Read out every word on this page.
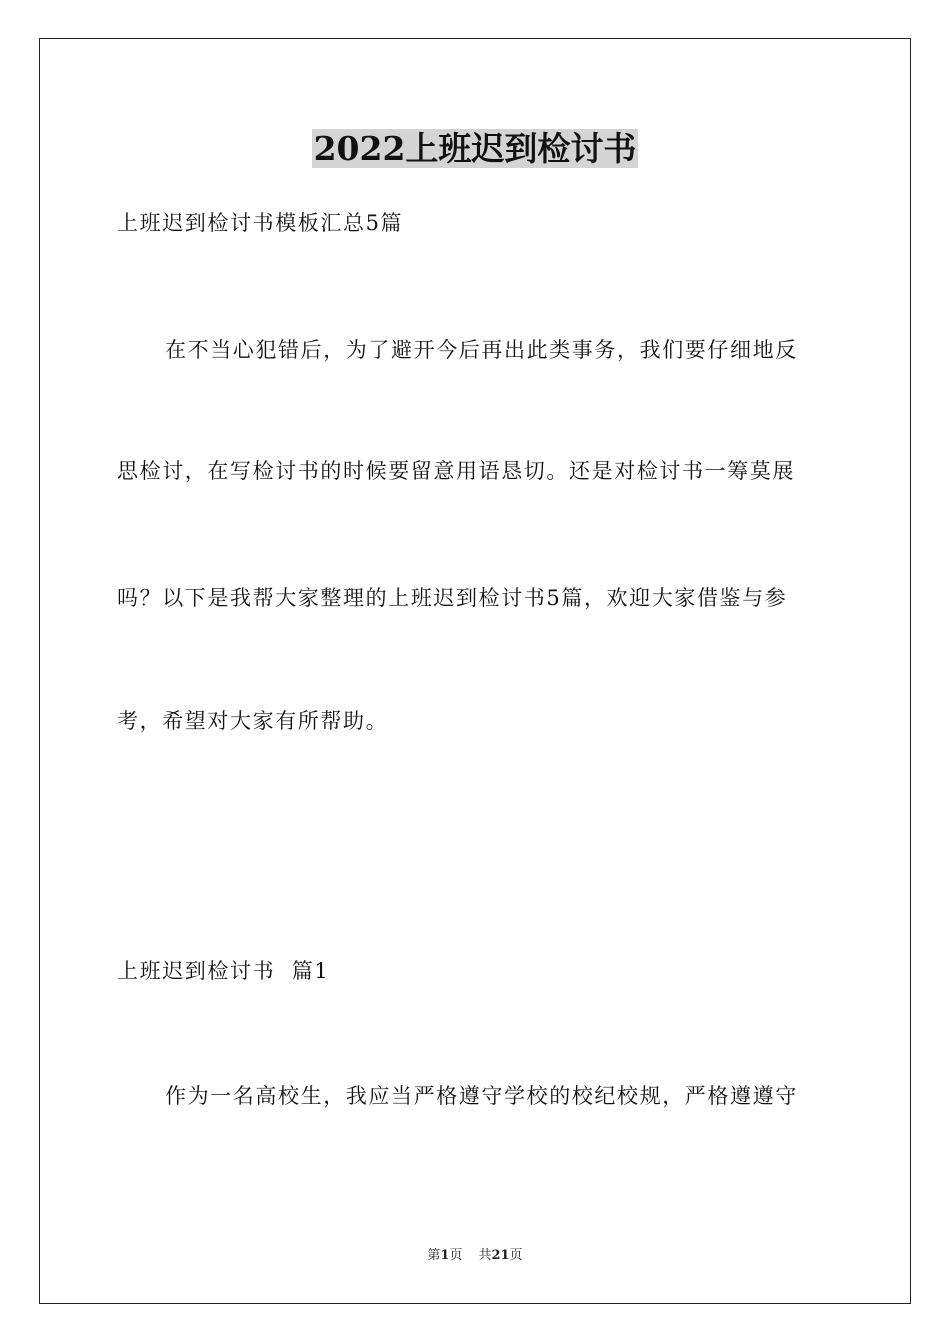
2022上班迟到检讨书
上班迟到检讨书模板汇总5篇
在不当心犯错后，为了避开今后再出此类事务，我们要仔细地反
思检讨，在写检讨书的时候要留意用语恳切。还是对检讨书一筹莫展
吗？以下是我帮大家整理的上班迟到检讨书5篇，欢迎大家借鉴与参
考，希望对大家有所帮助。
上班迟到检讨书  篇1
作为一名高校生，我应当严格遵守学校的校纪校规，严格遵遵守
第1页 共21页
